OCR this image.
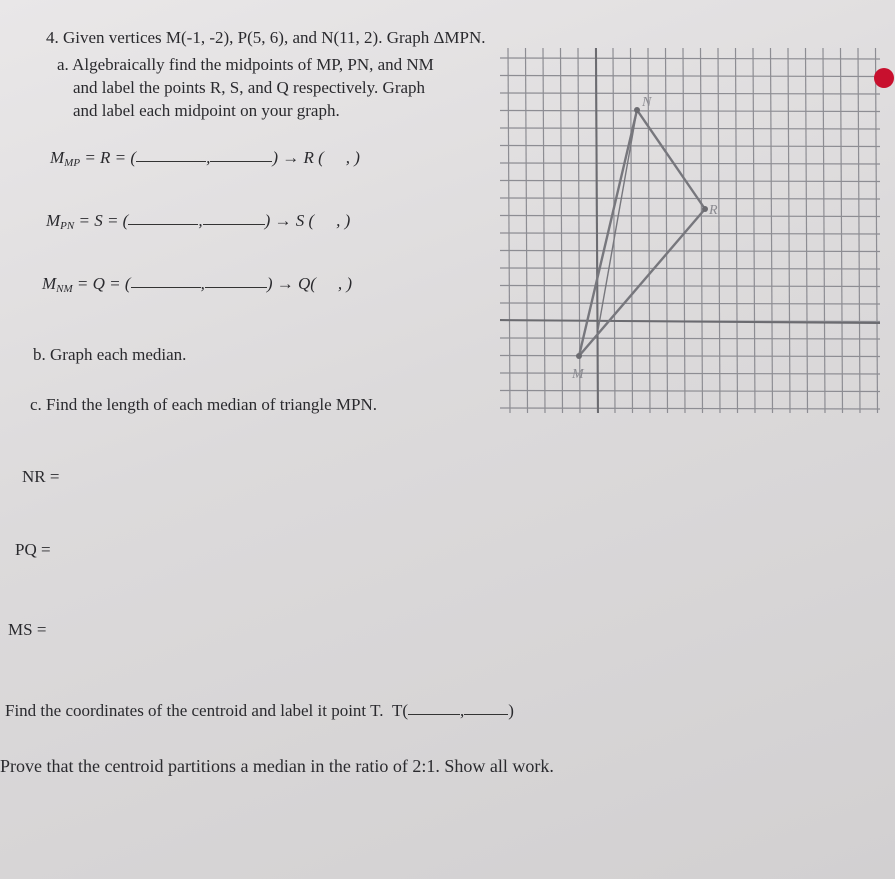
4. Given vertices M(-1, -2), P(5, 6), and N(11, 2). Graph ΔMPN.
a. Algebraically find the midpoints of MP, PN, and NM
and label the points R, S, and Q respectively. Graph
and label each midpoint on your graph.
$M_{MP} = R$ = (	,	) → R ( , )
$M_{PN} = S$ = (	,	) → S ( , )
$M_{NM} = Q$ = (	,	) → Q( , )
b. Graph each median.
c. Find the length of each median of triangle MPN.
NR =
PQ =
MS =
Find the coordinates of the centroid and label it point T. T(	,	)
Prove that the centroid partitions a median in the ratio of 2:1. Show all work.
N
R
M
